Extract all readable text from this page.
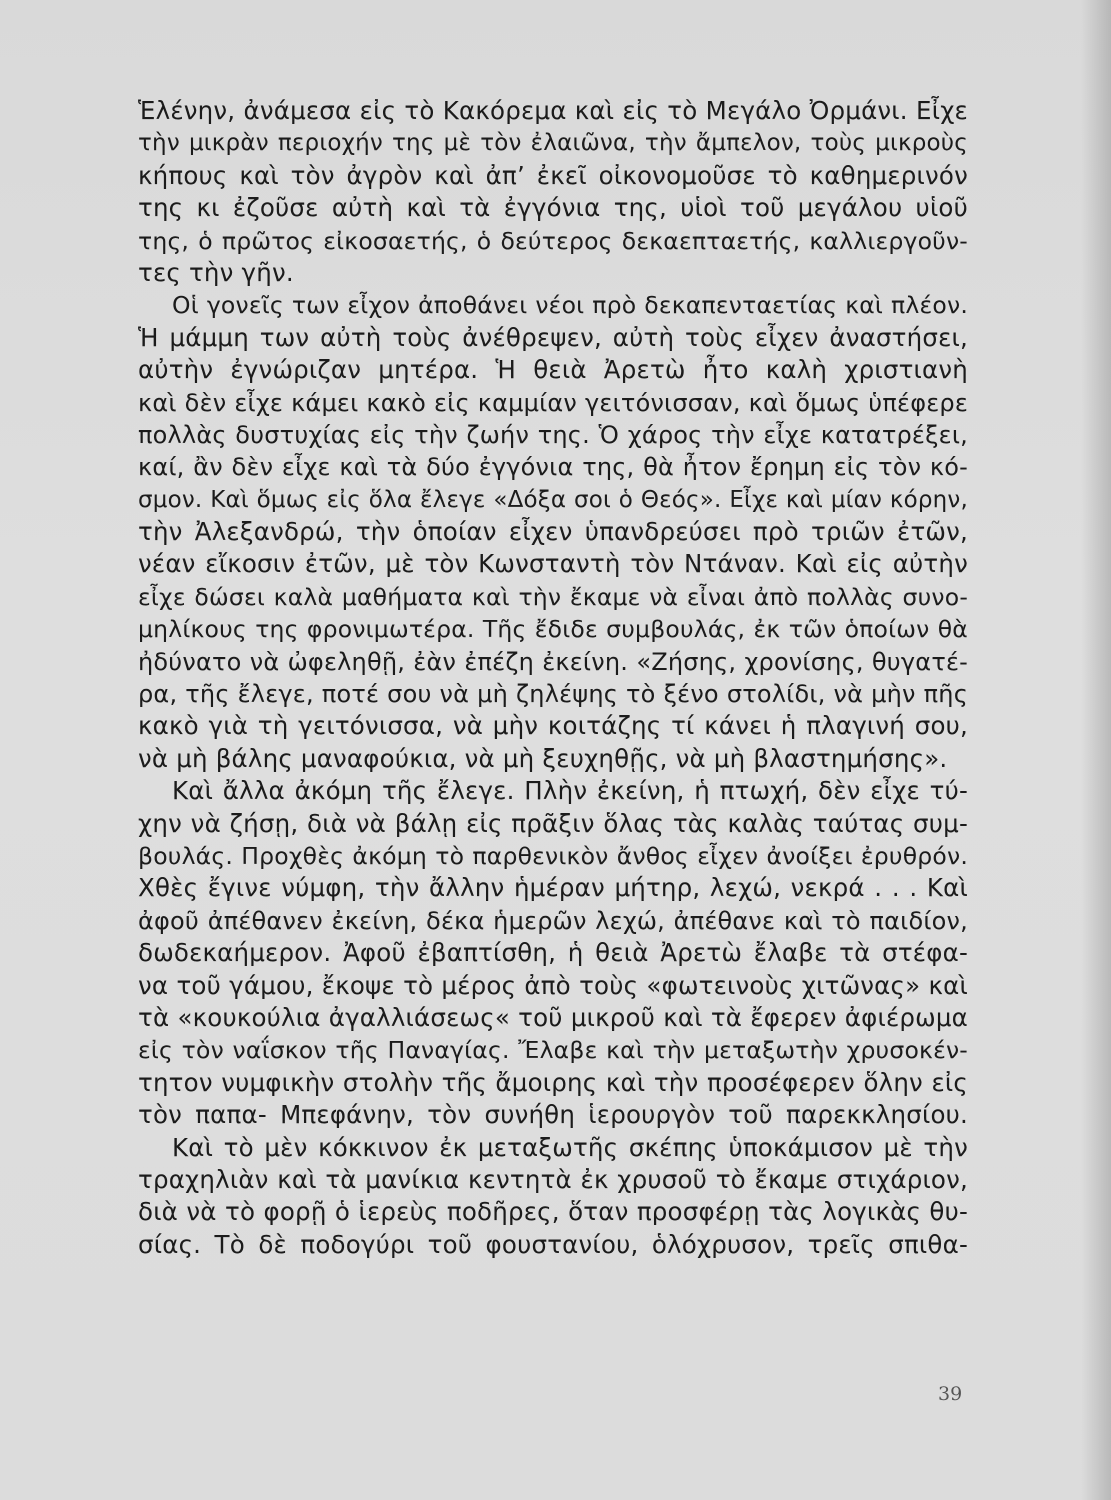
Ἑλένην, ἀνάμεσα εἰς τὸ Κακόρεμα καὶ εἰς τὸ Μεγάλο Ὀρμάνι. Εἶχε
τὴν μικρὰν περιοχήν της μὲ τὸν ἐλαιῶνα, τὴν ἄμπελον, τοὺς μικροὺς
κήπους καὶ τὸν ἀγρὸν καὶ ἀπ’ ἐκεῖ οἰκονομοῦσε τὸ καθημερινόν
της κι ἐζοῦσε αὐτὴ καὶ τὰ ἐγγόνια της, υἱοὶ τοῦ μεγάλου υἱοῦ
της, ὁ πρῶτος εἰκοσαετής, ὁ δεύτερος δεκαεπταετής, καλλιεργοῦν-
τες τὴν γῆν.
Οἱ γονεῖς των εἶχον ἀποθάνει νέοι πρὸ δεκαπενταετίας καὶ πλέον.
Ἡ μάμμη των αὐτὴ τοὺς ἀνέθρεψεν, αὐτὴ τοὺς εἶχεν ἀναστήσει,
αὐτὴν ἐγνώριζαν μητέρα. Ἡ θειὰ Ἀρετὼ ἦτο καλὴ χριστιανὴ
καὶ δὲν εἶχε κάμει κακὸ εἰς καμμίαν γειτόνισσαν, καὶ ὅμως ὑπέφερε
πολλὰς δυστυχίας εἰς τὴν ζωήν της. Ὁ χάρος τὴν εἶχε κατατρέξει,
καί, ἂν δὲν εἶχε καὶ τὰ δύο ἐγγόνια της, θὰ ἦτον ἔρημη εἰς τὸν κό-
σμον. Καὶ ὅμως εἰς ὅλα ἔλεγε «Δόξα σοι ὁ Θεός». Εἶχε καὶ μίαν κόρην,
τὴν Ἀλεξανδρώ, τὴν ὁποίαν εἶχεν ὑπανδρεύσει πρὸ τριῶν ἐτῶν,
νέαν εἴκοσιν ἐτῶν, μὲ τὸν Κωνσταντὴ τὸν Ντάναν. Καὶ εἰς αὐτὴν
εἶχε δώσει καλὰ μαθήματα καὶ τὴν ἔκαμε νὰ εἶναι ἀπὸ πολλὰς συνο-
μηλίκους της φρονιμωτέρα. Τῆς ἔδιδε συμβουλάς, ἐκ τῶν ὁποίων θὰ
ἠδύνατο νὰ ὠφεληθῇ, ἐὰν ἐπέζη ἐκείνη. «Ζήσης, χρονίσης, θυγατέ-
ρα, τῆς ἔλεγε, ποτέ σου νὰ μὴ ζηλέψης τὸ ξένο στολίδι, νὰ μὴν πῆς
κακὸ γιὰ τὴ γειτόνισσα, νὰ μὴν κοιτάζης τί κάνει ἡ πλαγινή σου,
νὰ μὴ βάλης μαναφούκια, νὰ μὴ ξευχηθῇς, νὰ μὴ βλαστημήσης».
Καὶ ἄλλα ἀκόμη τῆς ἔλεγε. Πλὴν ἐκείνη, ἡ πτωχή, δὲν εἶχε τύ-
χην νὰ ζήσῃ, διὰ νὰ βάλῃ εἰς πρᾶξιν ὅλας τὰς καλὰς ταύτας συμ-
βουλάς. Προχθὲς ἀκόμη τὸ παρθενικὸν ἄνθος εἶχεν ἀνοίξει ἐρυθρόν.
Χθὲς ἔγινε νύμφη, τὴν ἄλλην ἡμέραν μήτηρ, λεχώ, νεκρά . . . Καὶ
ἀφοῦ ἀπέθανεν ἐκείνη, δέκα ἡμερῶν λεχώ, ἀπέθανε καὶ τὸ παιδίον,
δωδεκαήμερον. Ἀφοῦ ἐβαπτίσθη, ἡ θειὰ Ἀρετὼ ἔλαβε τὰ στέφα-
να τοῦ γάμου, ἔκοψε τὸ μέρος ἀπὸ τοὺς «φωτεινοὺς χιτῶνας» καὶ
τὰ «κουκούλια ἀγαλλιάσεως« τοῦ μικροῦ καὶ τὰ ἔφερεν ἀφιέρωμα
εἰς τὸν ναΐσκον τῆς Παναγίας. Ἔλαβε καὶ τὴν μεταξωτὴν χρυσοκέν-
τητον νυμφικὴν στολὴν τῆς ἄμοιρης καὶ τὴν προσέφερεν ὅλην εἰς
τὸν παπα- Μπεφάνην, τὸν συνήθη ἱερουργὸν τοῦ παρεκκλησίου.
Καὶ τὸ μὲν κόκκινον ἐκ μεταξωτῆς σκέπης ὑποκάμισον μὲ τὴν
τραχηλιὰν καὶ τὰ μανίκια κεντητὰ ἐκ χρυσοῦ τὸ ἔκαμε στιχάριον,
διὰ νὰ τὸ φορῇ ὁ ἱερεὺς ποδῆρες, ὅταν προσφέρῃ τὰς λογικὰς θυ-
σίας. Τὸ δὲ ποδογύρι τοῦ φουστανίου, ὁλόχρυσον, τρεῖς σπιθα-
39
